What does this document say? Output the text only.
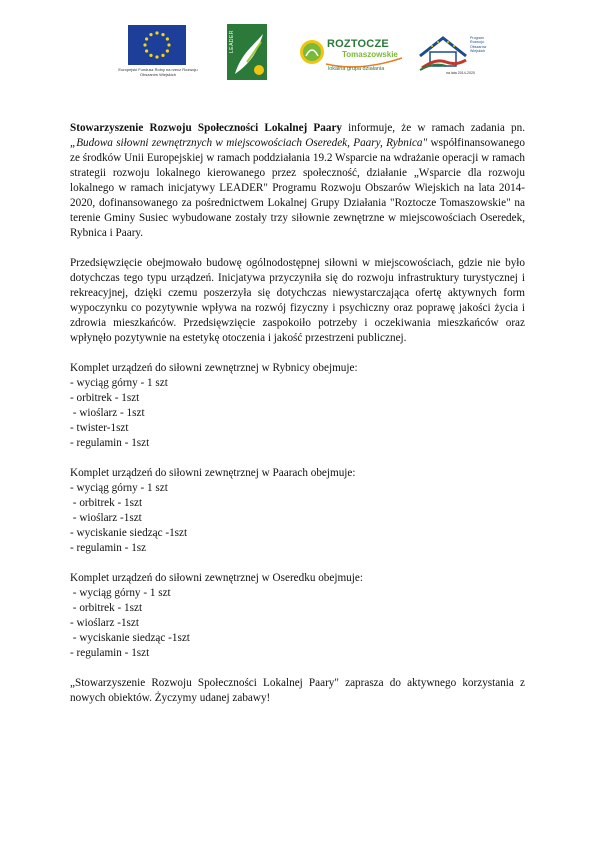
Europejski Fundusz Rolny na rzecz Rozwoju Obszarów Wiejskich
LEADER	ROZTOCZE
Tomaszowskie
lokalna grupa działania
Program
Rozwoju
Obszarów
Wiejskich
na lata 2014-2020

Stowarzyszenie Rozwoju Społeczności Lokalnej Paary informuje, że w ramach zadania pn. „Budowa siłowni zewnętrznych w miejscowościach Oseredek, Paary, Rybnica" współfinansowanego ze środków Unii Europejskiej w ramach poddziałania 19.2 Wsparcie na wdrażanie operacji w ramach strategii rozwoju lokalnego kierowanego przez społeczność, działanie „Wsparcie dla rozwoju lokalnego w ramach inicjatywy LEADER" Programu Rozwoju Obszarów Wiejskich na lata 2014-2020, dofinansowanego za pośrednictwem Lokalnej Grupy Działania "Roztocze Tomaszowskie" na terenie Gminy Susiec wybudowane zostały trzy siłownie zewnętrzne w miejscowościach Oseredek, Rybnica i Paary.

Przedsięwzięcie obejmowało budowę ogólnodostępnej siłowni w miejscowościach, gdzie nie było dotychczas tego typu urządzeń. Inicjatywa przyczyniła się do rozwoju infrastruktury turystycznej i rekreacyjnej, dzięki czemu poszerzyła się dotychczas niewystarczająca ofertę aktywnych form wypoczynku co pozytywnie wpływa na rozwój fizyczny i psychiczny oraz poprawę jakości życia i zdrowia mieszkańców. Przedsięwzięcie zaspokoiło potrzeby i oczekiwania mieszkańców oraz wpłynęło pozytywnie na estetykę otoczenia i jakość przestrzeni publicznej.

Komplet urządzeń do siłowni zewnętrznej w Rybnicy obejmuje:
- wyciąg górny - 1 szt
- orbitrek - 1szt
- wioślarz - 1szt
- twister-1szt
- regulamin - 1szt
Komplet urządzeń do siłowni zewnętrznej w Paarach obejmuje:
- wyciąg górny - 1 szt
- orbitrek - 1szt
- wioślarz -1szt
- wyciskanie siedząc -1szt
- regulamin - 1sz
Komplet urządzeń do siłowni zewnętrznej w Oseredku obejmuje:
- wyciąg górny - 1 szt
- orbitrek - 1szt
- wioślarz -1szt
- wyciskanie siedząc -1szt
- regulamin - 1szt

„Stowarzyszenie Rozwoju Społeczności Lokalnej Paary" zaprasza do aktywnego korzystania z nowych obiektów. Życzymy udanej zabawy!
